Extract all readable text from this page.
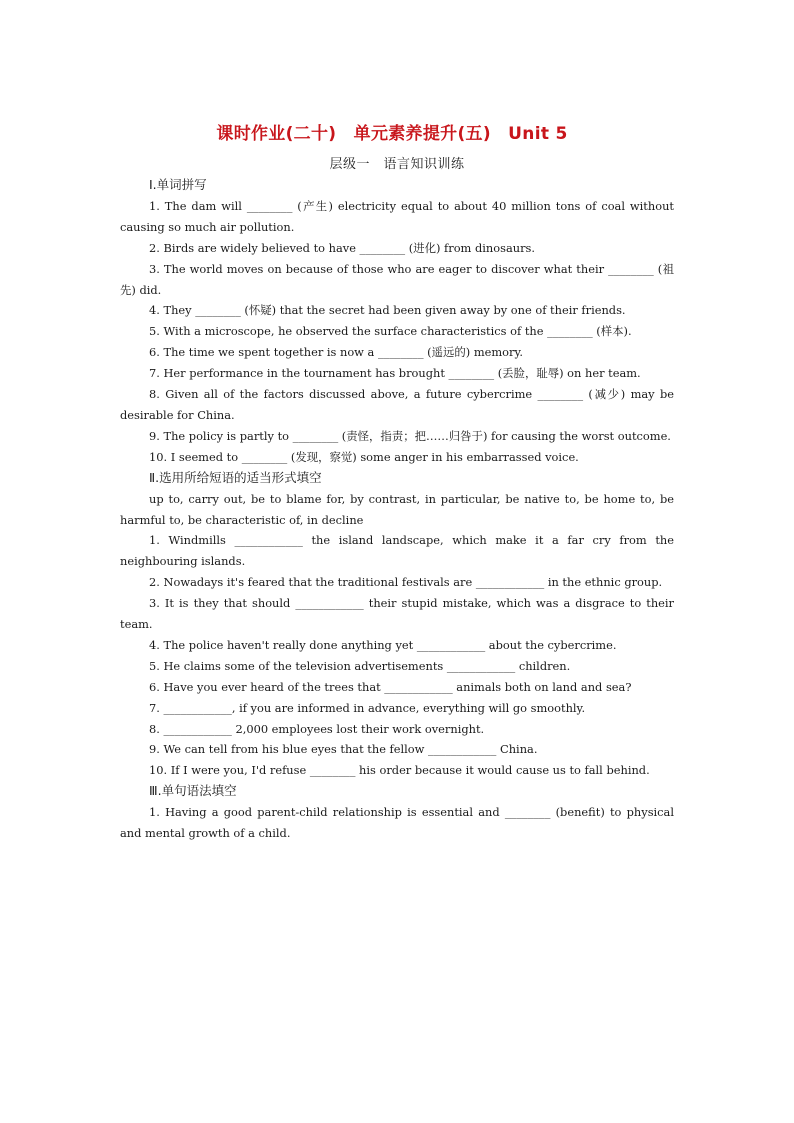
课时作业(二十)　单元素养提升(五)　Unit 5
层级一　语言知识训练
Ⅰ.单词拼写
1. The dam will ________ (产生) electricity equal to about 40 million tons of coal without causing so much air pollution.
2. Birds are widely believed to have ________ (进化) from dinosaurs.
3. The world moves on because of those who are eager to discover what their ________ (祖先) did.
4. They ________ (怀疑) that the secret had been given away by one of their friends.
5. With a microscope, he observed the surface characteristics of the ________ (样本).
6. The time we spent together is now a ________ (遥远的) memory.
7. Her performance in the tournament has brought ________ (丢脸，耻辱) on her team.
8. Given all of the factors discussed above, a future cybercrime ________ (减少) may be desirable for China.
9. The policy is partly to ________ (责怪，指责；把……归咎于) for causing the worst outcome.
10. I seemed to ________ (发现，察觉) some anger in his embarrassed voice.
Ⅱ.选用所给短语的适当形式填空
up to, carry out, be to blame for, by contrast, in particular, be native to, be home to, be harmful to, be characteristic of, in decline
1. Windmills ____________ the island landscape, which make it a far cry from the neighbouring islands.
2. Nowadays it's feared that the traditional festivals are ____________ in the ethnic group.
3. It is they that should ____________ their stupid mistake, which was a disgrace to their team.
4. The police haven't really done anything yet ____________ about the cybercrime.
5. He claims some of the television advertisements ____________ children.
6. Have you ever heard of the trees that ____________ animals both on land and sea?
7. ____________, if you are informed in advance, everything will go smoothly.
8. ____________ 2,000 employees lost their work overnight.
9. We can tell from his blue eyes that the fellow ____________ China.
10. If I were you, I'd refuse ________ his order because it would cause us to fall behind.
Ⅲ.单句语法填空
1. Having a good parent-child relationship is essential and ________ (benefit) to physical and mental growth of a child.
